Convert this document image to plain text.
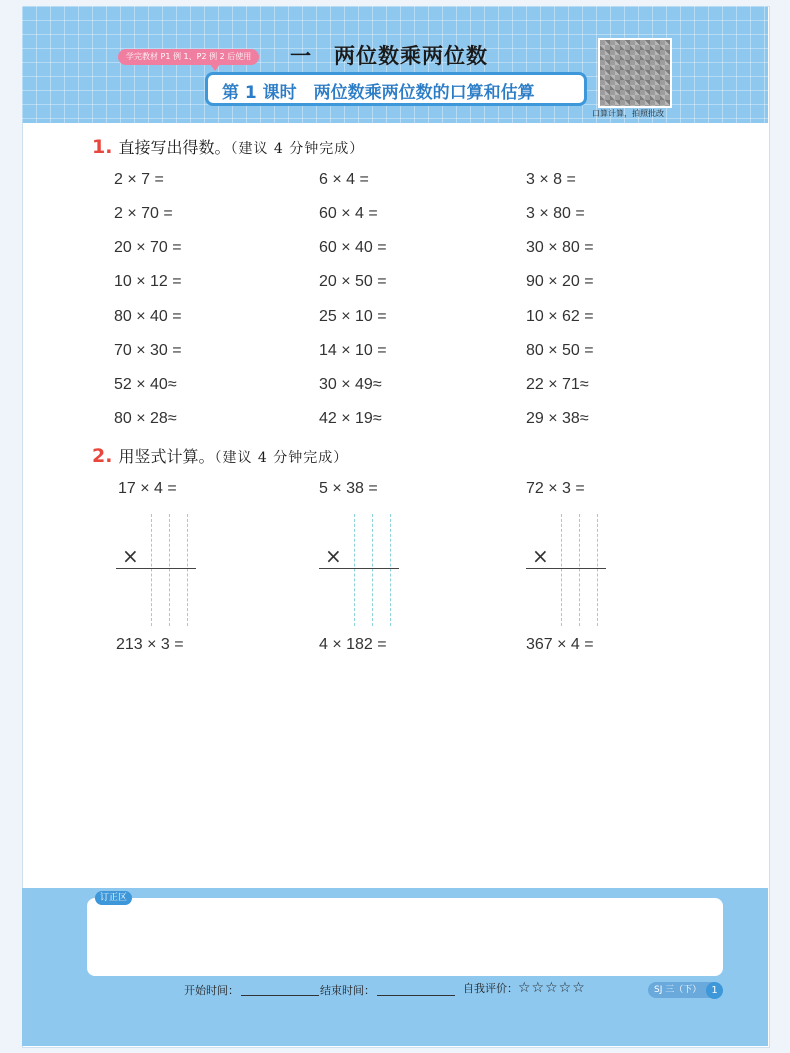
学完教材 P1 例 1、P2 例 2 后使用	一 两位数乘两位数
第 1 课时　两位数乘两位数的口算和估算
口算计算，拍照批改
1. 直接写出得数。（建议 4 分钟完成）
2 × 7 =	6 × 4 =	3 × 8 =
2 × 70 =	60 × 4 =	3 × 80 =
20 × 70 =	60 × 40 =	30 × 80 =
10 × 12 =	20 × 50 =	90 × 20 =
80 × 40 =	25 × 10 =	10 × 62 =
70 × 30 =	14 × 10 =	80 × 50 =
52 × 40≈	30 × 49≈	22 × 71≈
80 × 28≈	42 × 19≈	29 × 38≈
2. 用竖式计算。（建议 4 分钟完成）
17 × 4 =	5 × 38 =	72 × 3 =
×	×	×
213 × 3 =	4 × 182 =	367 × 4 =
订正区
开始时间：	结束时间：	自我评价：☆☆☆☆☆	SJ 三（下）	1
